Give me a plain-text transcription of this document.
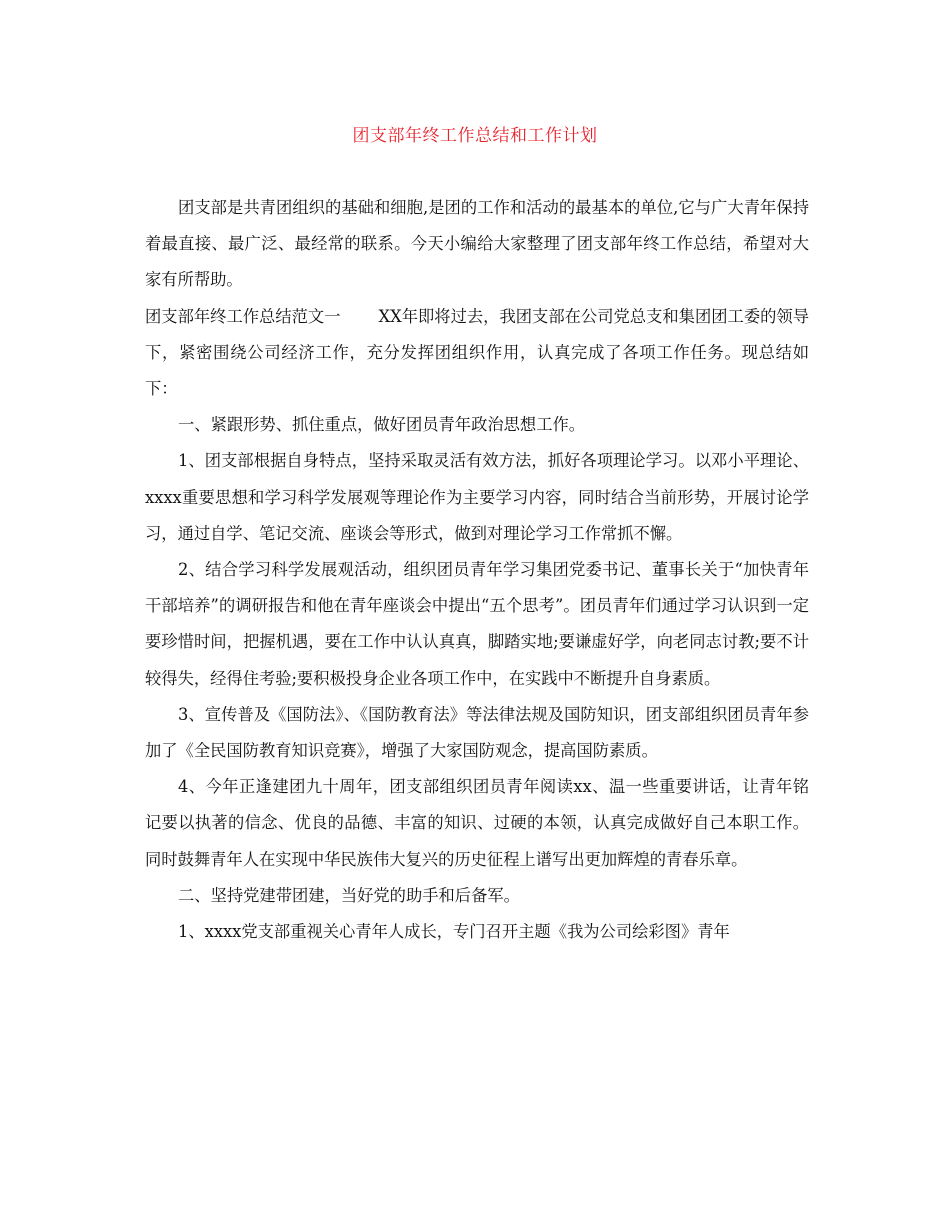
团支部年终工作总结和工作计划

团支部是共青团组织的基础和细胞,是团的工作和活动的最基本的单位,它与广大青年保持着最直接、最广泛、最经常的联系。今天小编给大家整理了团支部年终工作总结，希望对大家有所帮助。

团支部年终工作总结范文一 XX年即将过去，我团支部在公司党总支和集团团工委的领导下，紧密围绕公司经济工作，充分发挥团组织作用，认真完成了各项工作任务。现总结如下：

一、紧跟形势、抓住重点，做好团员青年政治思想工作。

1、团支部根据自身特点，坚持采取灵活有效方法，抓好各项理论学习。以邓小平理论、xxxx重要思想和学习科学发展观等理论作为主要学习内容，同时结合当前形势，开展讨论学习，通过自学、笔记交流、座谈会等形式，做到对理论学习工作常抓不懈。

2、结合学习科学发展观活动，组织团员青年学习集团党委书记、董事长关于“加快青年干部培养”的调研报告和他在青年座谈会中提出“五个思考”。团员青年们通过学习认识到一定要珍惜时间，把握机遇，要在工作中认认真真，脚踏实地;要谦虚好学，向老同志讨教;要不计较得失，经得住考验;要积极投身企业各项工作中，在实践中不断提升自身素质。

3、宣传普及《国防法》、《国防教育法》等法律法规及国防知识，团支部组织团员青年参加了《全民国防教育知识竞赛》，增强了大家国防观念，提高国防素质。

4、今年正逢建团九十周年，团支部组织团员青年阅读xx、温一些重要讲话，让青年铭记要以执著的信念、优良的品德、丰富的知识、过硬的本领，认真完成做好自己本职工作。同时鼓舞青年人在实现中华民族伟大复兴的历史征程上谱写出更加辉煌的青春乐章。

二、坚持党建带团建，当好党的助手和后备军。

1、xxxx党支部重视关心青年人成长，专门召开主题《我为公司绘彩图》青年
